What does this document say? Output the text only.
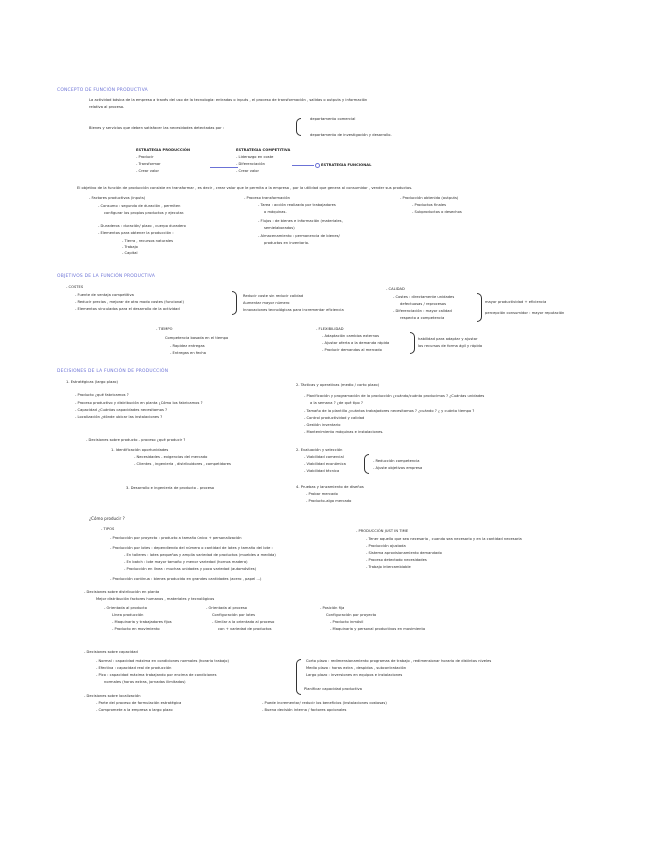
CONCEPTO DE FUNCIÓN PRODUCTIVA
La actividad básica de la empresa a través del uso de la tecnología: entradas o inputs , el proceso de transformación , salidas o outputs y información
relativa al proceso.
Bienes y servicios que deben satisfacer las necesidades detectadas por :
departamento comercial
departamento de investigación y desarrollo.
ESTRATEGIA PRODUCCIÓN
- Producir
- Transformar
- Crear valor
ESTRATEGIA COMPETITIVA
- Liderazgo en coste
- Diferenciación
- Crear valor
ESTRATEGIA FUNCIONAL
El objetivo de la función de producción consiste en transformar , es decir , crear valor que le permita a la empresa , por la utilidad que genera al consumidor , vender sus productos.
- Factores productivos (inputs)
- Consumo : segundo de duración , permiten
configurar los propios productos y ejecutar.
- Duraderos : duración/ plazo , cuerpo duradero
- Elementos para obtener la producción :
- Tierra , recursos naturales
- Trabajo
- Capital
- Proceso transformación
- Tarea : acción realizada por trabajadores
o máquinas.
- Flujos : de bienes e información (materiales,
semielaborados)
- Almacenamiento : permanencia de bienes/
productos en inventario.
- Producción obtenida (outputs)
- Productos finales
- Subproductos o desechos
OBJETIVOS DE LA FUNCIÓN PRODUCTIVA
- COSTES
- Fuente de ventaja competitiva
- Reducir precios , mejorar de otro modo costes (funcional)
- Elementos vinculados para el desarrollo de la actividad
Reducir coste sin reducir calidad
Aumentar mayor número
Innovaciones tecnológicas para incrementar eficiencia
- CALIDAD
- Costes : directamente unidades
defectuosas / reprocesos
- Diferenciación : mayor calidad
respecto a competencia
mayor productividad + eficiencia
percepción consumidor : mayor reputación
- TIEMPO
Competencia basada en el tiempo
- Rapidez entregas
- Entregas en fecha
- FLEXIBILIDAD
- Adaptación cambios externos
- Ajustar oferta a la demanda rápida
- Producir demandas al mercado
habilidad para adaptar y ajustar
los recursos de forma ágil y rápida
DECISIONES DE LA FUNCIÓN DE PRODUCCIÓN
1. Estratégicas (largo plazo)
- Producto ¿qué fabricamos ?
- Proceso productivo y distribución en planta ¿Cómo los fabricamos ?
- Capacidad ¿Cuántas capacidades necesitamos ?
- Localización ¿dónde ubicar las instalaciones ?
2. Tácticas y operativas (medio / corto plazo)
- Planificación y programación de la producción ¿cuándo/cuánto producimos ? ¿Cuántas unidades
a la semana ? ¿de qué tipo ?
- Tamaño de la plantilla ¿cuántos trabajadores necesitamos ? ¿cuándo ? ¿ y cuánto tiempo ?
- Control productividad y calidad
- Gestión inventario
- Mantenimiento máquinas e instalaciones.
- Decisiones sobre producto - proceso ¿qué producir ?
1. Identificación oportunidades
- Necesidades - exigencias del mercado
- Clientes , ingeniería , distribuidores , competidores
2. Evaluación y selección
- Viabilidad comercial
- Viabilidad económica
- Viabilidad técnica
- Reducción competencia
- Ajuste objetivos empresa
3. Desarrollo e ingeniería de producto - proceso	4. Pruebas y lanzamiento de diseños
- Probar mercado
- Producto-algo mercado
¿Cómo producir ?
- TIPOS
- Producción por proyecto : producto a tamaño único + personalización
- Producción por lotes : dependiendo del número o cantidad de lotes y tamaño del lote :
- En talleres : lotes pequeños y amplia variedad de productos (muebles a medida)
- En batch : lote mayor tamaño y menor variedad (hornos madera)
- Producción en línea : muchas unidades y poca variedad (automóviles)
- Producción continua : bienes producido en grandes cantidades (acero , papel ...)
- PRODUCCIÓN JUST IN TIME
- Tener aquello que sea necesario , cuando sea necesario y en la cantidad necesaria
- Producción ajustada
- Sistema aprovisionamiento demandado
- Proceso detectado necesidades
- Trabajo intercambiable
- Decisiones sobre distribución en planta
Mejor distribución factores humanos , materiales y tecnológicos
- Orientada al producto
Línea producción
- Maquinaria y trabajadores fijos
- Producto en movimiento
- Orientada al proceso
Configuración por lotes
- Similar a la orientada al proceso
con + variedad de productos
- Posición fija
Configuración por proyecto
- Producto inmóvil
- Maquinaria y personal productivos en movimiento
- Decisiones sobre capacidad
- Normal : capacidad máxima en condiciones normales (horario trabajo)
- Efectiva : capacidad real de producción
- Pico : capacidad máxima trabajando por encima de condiciones
normales (horas extras, jornadas ilimitadas)
Corto plazo : redimensionamiento programas de trabajo , redimensionar horario de distintos niveles
Medio plazo : horas extra , despidos , subcontratación
Largo plazo : inversiones en equipos e instalaciones
Planificar capacidad productiva
- Decisiones sobre localización
- Parte del proceso de formulación estratégica
- Compromete a la empresa a largo plazo
- Puede incrementar/ reducir los beneficios (instalaciones costosas)
- Buena decisión interna / factores opcionales
